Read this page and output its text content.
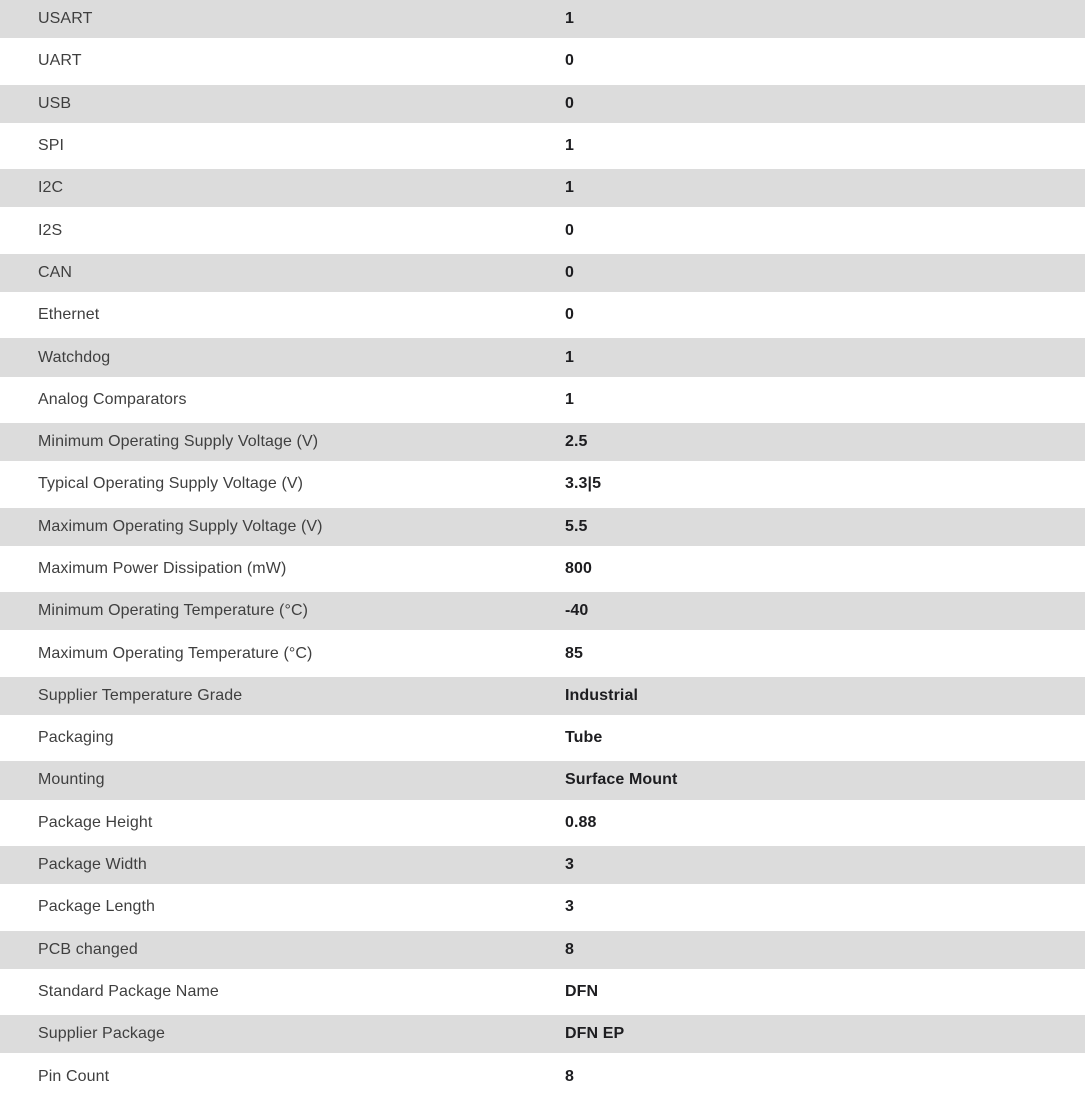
USART	1
UART	0
USB	0
SPI	1
I2C	1
I2S	0
CAN	0
Ethernet	0
Watchdog	1
Analog Comparators	1
Minimum Operating Supply Voltage (V)	2.5
Typical Operating Supply Voltage (V)	3.3|5
Maximum Operating Supply Voltage (V)	5.5
Maximum Power Dissipation (mW)	800
Minimum Operating Temperature (°C)	-40
Maximum Operating Temperature (°C)	85
Supplier Temperature Grade	Industrial
Packaging	Tube
Mounting	Surface Mount
Package Height	0.88
Package Width	3
Package Length	3
PCB changed	8
Standard Package Name	DFN
Supplier Package	DFN EP
Pin Count	8
